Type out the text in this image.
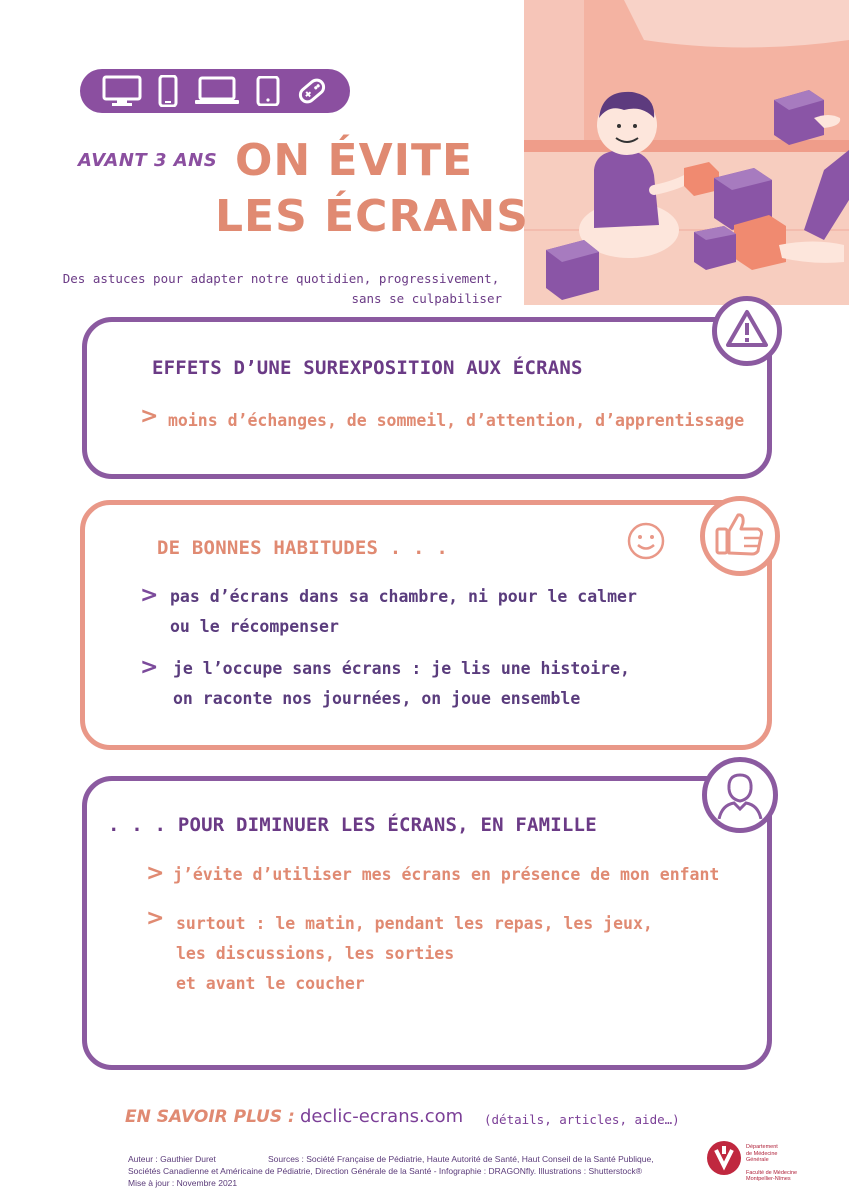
AVANT 3 ANS ON ÉVITE
LES ÉCRANS
Des astuces pour adapter notre quotidien, progressivement,
sans se culpabiliser
EFFETS D’UNE SUREXPOSITION AUX ÉCRANS
> moins d’échanges, de sommeil, d’attention, d’apprentissage
DE BONNES HABITUDES . . .
> pas d’écrans dans sa chambre, ni pour le calmer
ou le récompenser
> je l’occupe sans écrans : je lis une histoire,
on raconte nos journées, on joue ensemble
. . . POUR DIMINUER LES ÉCRANS, EN FAMILLE
> j’évite d’utiliser mes écrans en présence de mon enfant
> surtout : le matin, pendant les repas, les jeux,
les discussions, les sorties
et avant le coucher
EN SAVOIR PLUS : declic-ecrans.com (détails, articles, aide…)
Auteur : Gauthier Duret	Sources : Société Française de Pédiatrie, Haute Autorité de Santé, Haut Conseil de la Santé Publique,
Sociétés Canadienne et Américaine de Pédiatrie, Direction Générale de la Santé - Infographie : DRAGONfly. Illustrations : Shutterstock®
Mise à jour : Novembre 2021
Département
de Médecine
Générale
Faculté de Médecine
Montpellier-Nîmes
